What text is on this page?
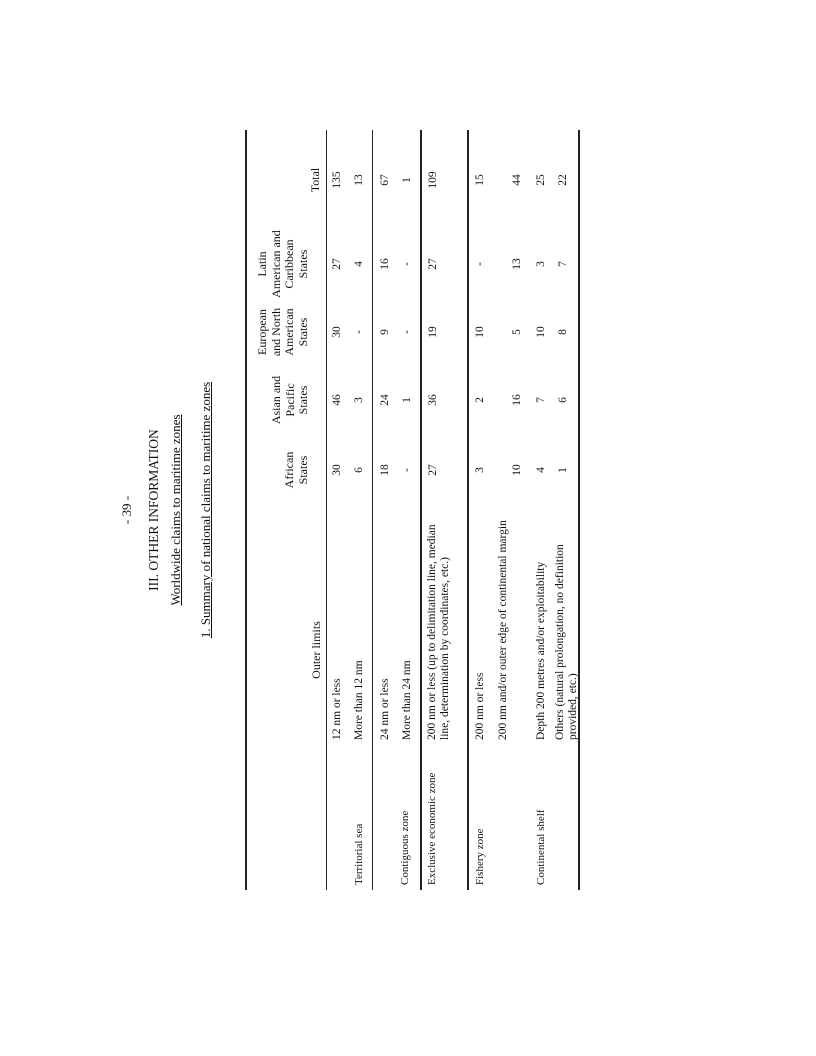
- 39 - III. OTHER INFORMATION Worldwide claims to maritime zones 1. Summary of national claims to maritime zones
Outer limits
African States
Asian and Pacific States
European and North American States
Latin American and Caribbean States
Total
12 nm or less
30
46
30
27
135
Territorial sea
More than 12 nm
6
3
-
4
13
24 nm or less
18
24
9
16
67
Contiguous zone
More than 24 nm
-
1
-
-
1
Exclusive economic zone
200 nm or less (up to delimitation line, median line, determination by coordinates, etc.)
27
36
19
27
109
Fishery zone
200 nm or less
3
2
10
-
15
200 nm and/or outer edge of continental margin
10
16
5
13
44
Continental shelf
Depth 200 metres and/or exploitability
4
7
10
3
25
Others (natural prolongation, no definition provided, etc.)
1
6
8
7
22
